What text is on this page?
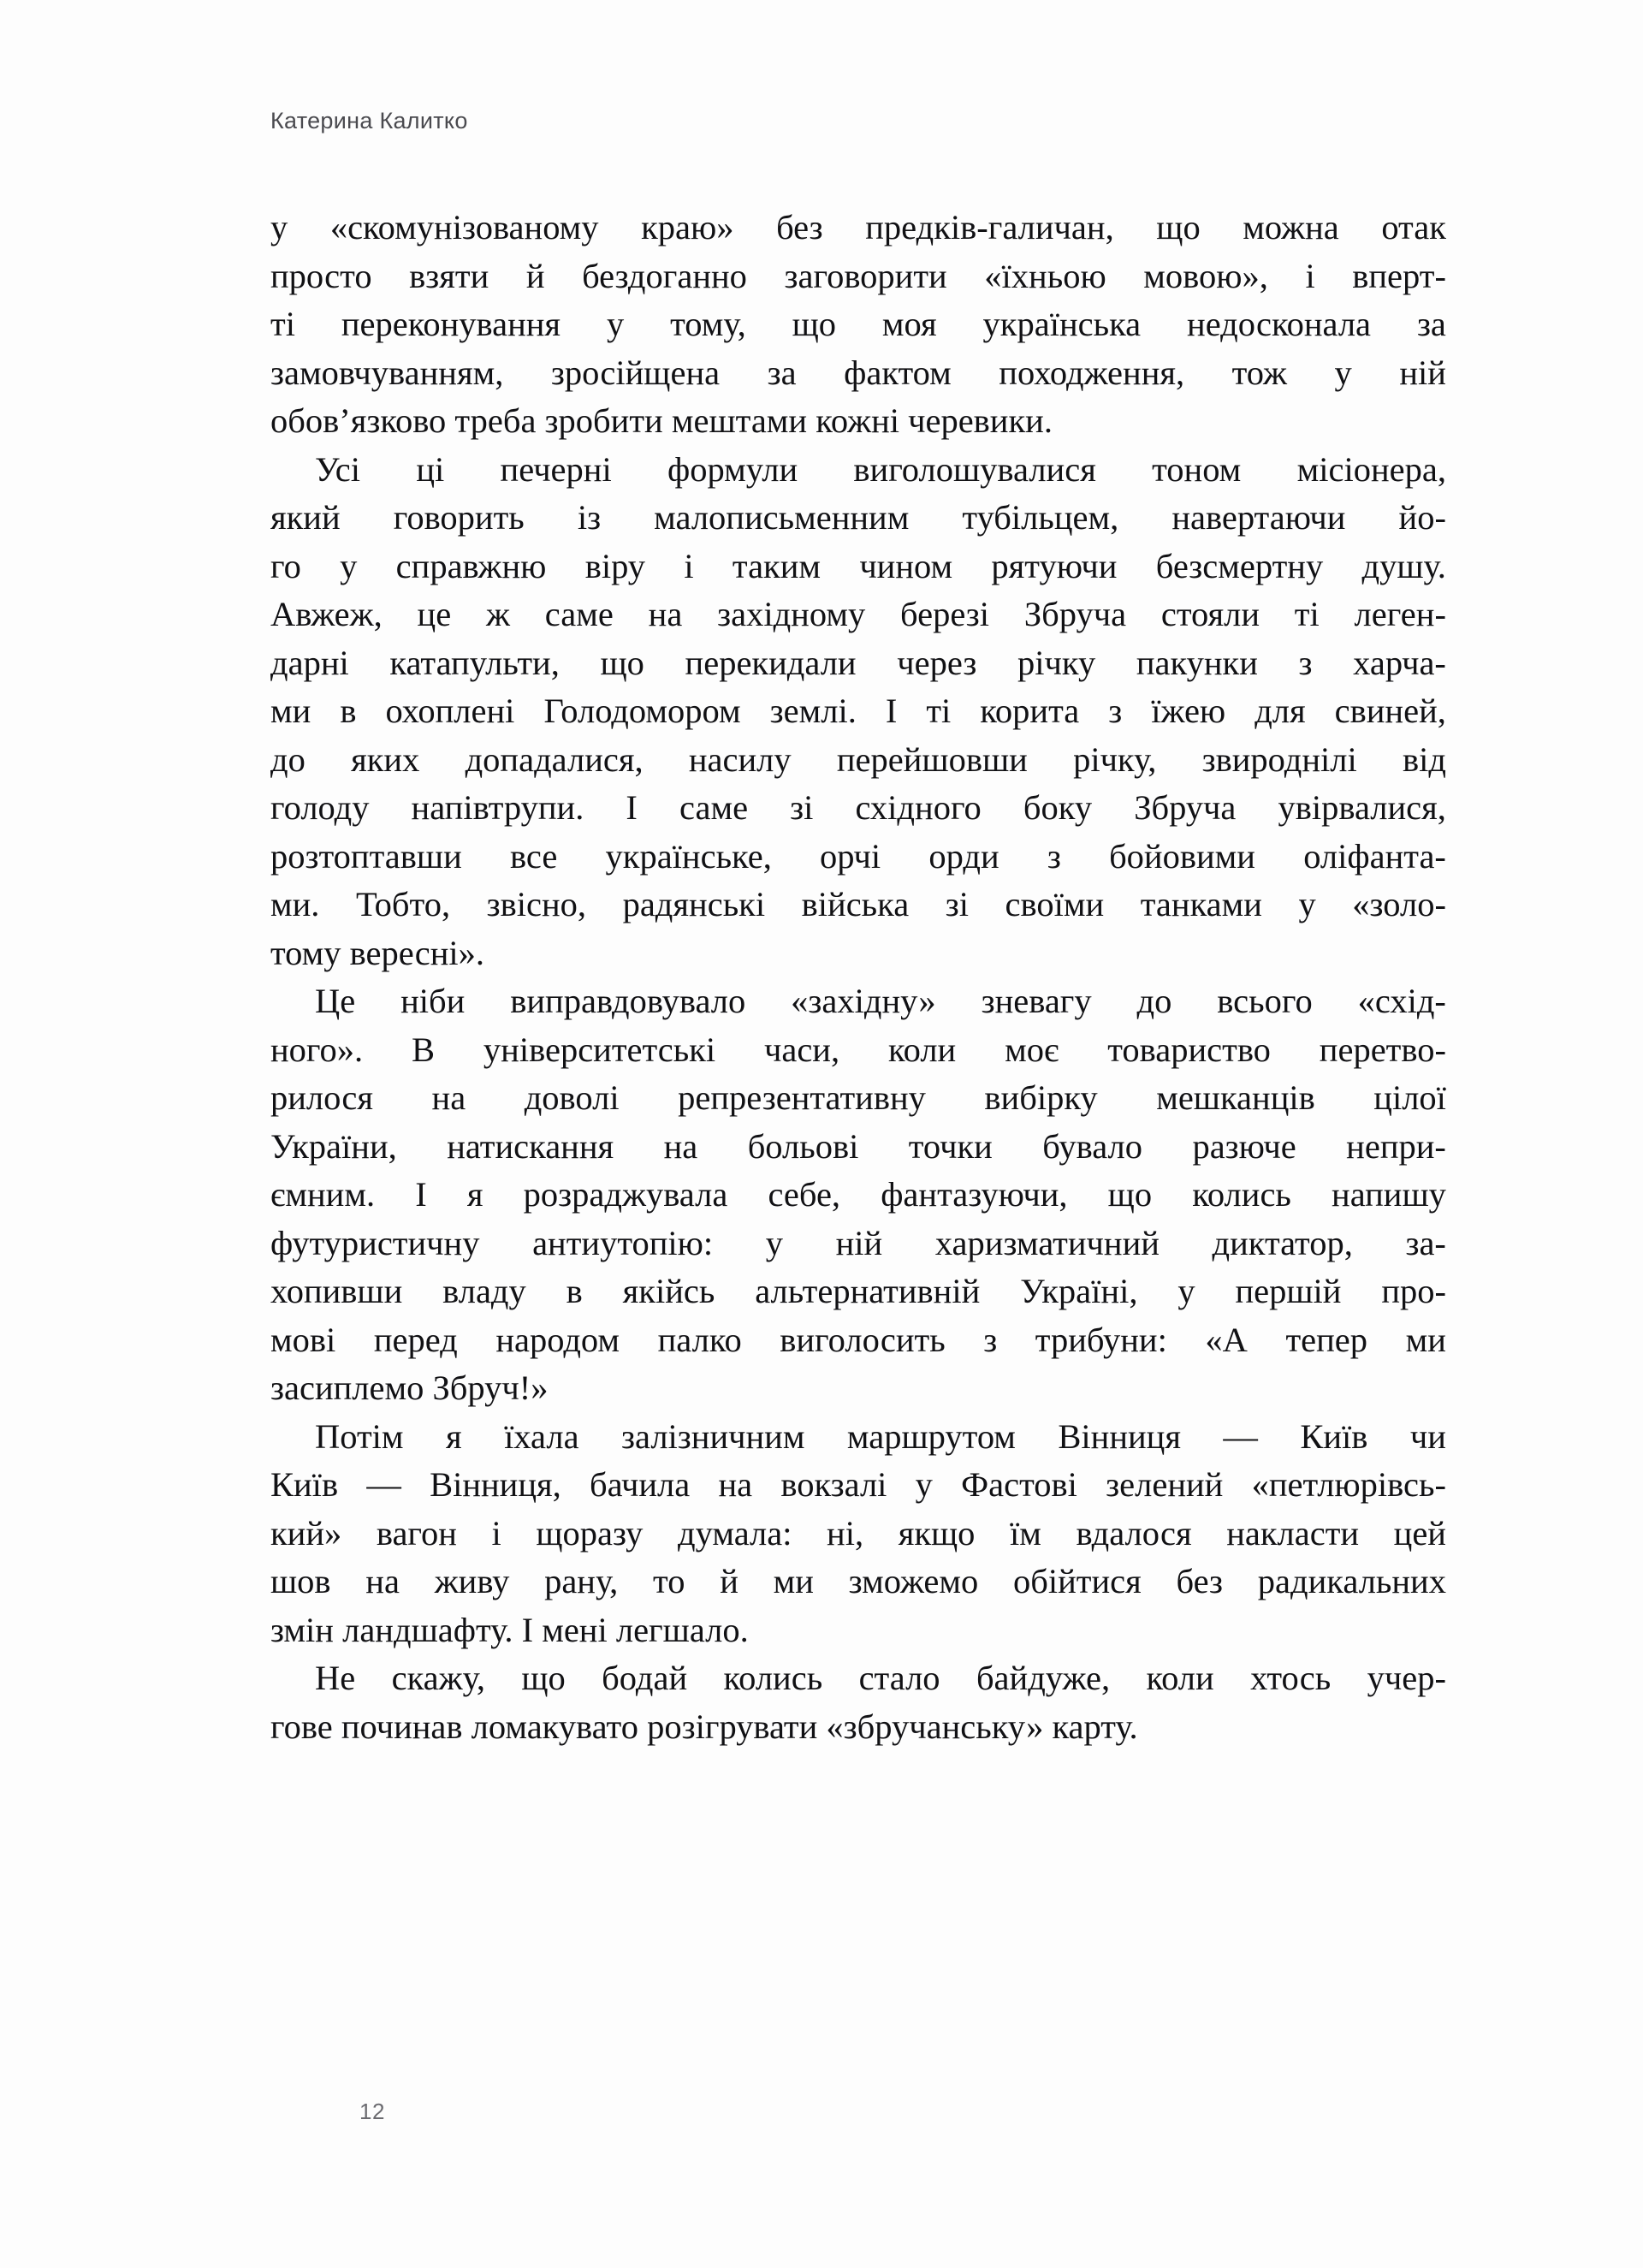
Катерина Калитко

у «скомунізованому краю» без предків-галичан, що можна отак
просто взяти й бездоганно заговорити «їхньою мовою», і вперт-
ті переконування у тому, що моя українська недосконала за
замовчуванням, зросійщена за фактом походження, тож у ній
обов’язково треба зробити мештами кожні черевики.

Усі ці печерні формули виголошувалися тоном місіонера,
який говорить із малописьменним тубільцем, навертаючи йо-
го у справжню віру і таким чином рятуючи безсмертну душу.
Авжеж, це ж саме на західному березі Збруча стояли ті леген-
дарні катапульти, що перекидали через річку пакунки з харча-
ми в охоплені Голодомором землі. І ті корита з їжею для свиней,
до яких допадалися, насилу перейшовши річку, звироднілі від
голоду напівтрупи. І саме зі східного боку Збруча увірвалися,
розтоптавши все українське, орчі орди з бойовими оліфанта-
ми. Тобто, звісно, радянські війська зі своїми танками у «золо-
тому вересні».

Це ніби виправдовувало «західну» зневагу до всього «схід-
ного». В університетські часи, коли моє товариство перетво-
рилося на доволі репрезентативну вибірку мешканців цілої
України, натискання на больові точки бувало разюче непри-
ємним. І я розраджувала себе, фантазуючи, що колись напишу
футуристичну антиутопію: у ній харизматичний диктатор, за-
хопивши владу в якійсь альтернативній Україні, у першій про-
мові перед народом палко виголосить з трибуни: «А тепер ми
засиплемо Збруч!»

Потім я їхала залізничним маршрутом Вінниця — Київ чи
Київ — Вінниця, бачила на вокзалі у Фастові зелений «петлюрівсь-
кий» вагон і щоразу думала: ні, якщо їм вдалося накласти цей
шов на живу рану, то й ми зможемо обійтися без радикальних
змін ландшафту. І мені легшало.

Не скажу, що бодай колись стало байдуже, коли хтось учер-
гове починав ломакувато розігрувати «збручанську» карту.

12
